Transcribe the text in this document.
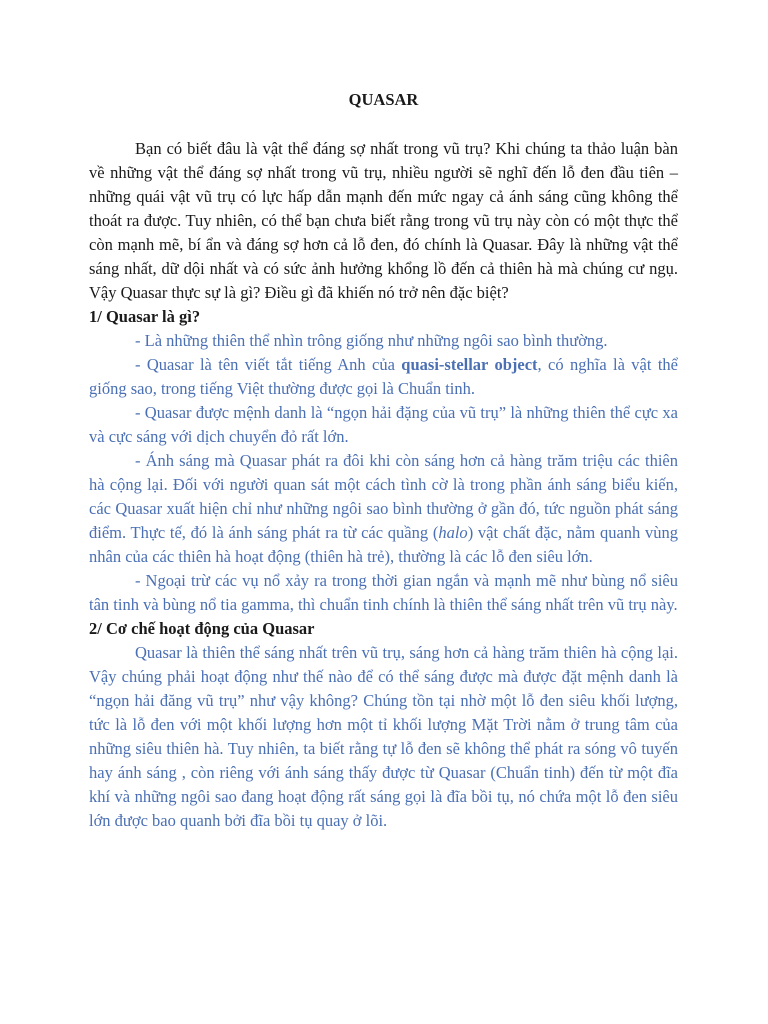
QUASAR

Bạn có biết đâu là vật thể đáng sợ nhất trong vũ trụ? Khi chúng ta thảo luận bàn về những vật thể đáng sợ nhất trong vũ trụ, nhiều người sẽ nghĩ đến lỗ đen đầu tiên – những quái vật vũ trụ có lực hấp dẫn mạnh đến mức ngay cả ánh sáng cũng không thể thoát ra được. Tuy nhiên, có thể bạn chưa biết rằng trong vũ trụ này còn có một thực thể còn mạnh mẽ, bí ẩn và đáng sợ hơn cả lỗ đen, đó chính là Quasar. Đây là những vật thể sáng nhất, dữ dội nhất và có sức ảnh hưởng khổng lồ đến cả thiên hà mà chúng cư ngụ. Vậy Quasar thực sự là gì? Điều gì đã khiến nó trở nên đặc biệt?

1/ Quasar là gì?

- Là những thiên thể nhìn trông giống như những ngôi sao bình thường.

- Quasar là tên viết tắt tiếng Anh của quasi-stellar object, có nghĩa là vật thể giống sao, trong tiếng Việt thường được gọi là Chuẩn tinh.

- Quasar được mệnh danh là “ngọn hải đặng của vũ trụ” là những thiên thể cực xa và cực sáng với dịch chuyển đỏ rất lớn.

- Ánh sáng mà Quasar phát ra đôi khi còn sáng hơn cả hàng trăm triệu các thiên hà cộng lại. Đối với người quan sát một cách tình cờ là trong phần ánh sáng biểu kiến, các Quasar xuất hiện chỉ như những ngôi sao bình thường ở gần đó, tức nguồn phát sáng điểm. Thực tế, đó là ánh sáng phát ra từ các quầng (halo) vật chất đặc, nằm quanh vùng nhân của các thiên hà hoạt động (thiên hà trẻ), thường là các lỗ đen siêu lớn.

- Ngoại trừ các vụ nổ xảy ra trong thời gian ngắn và mạnh mẽ như bùng nổ siêu tân tinh và bùng nổ tia gamma, thì chuẩn tinh chính là thiên thể sáng nhất trên vũ trụ này.

2/ Cơ chế hoạt động của Quasar

Quasar là thiên thể sáng nhất trên vũ trụ, sáng hơn cả hàng trăm thiên hà cộng lại. Vậy chúng phải hoạt động như thế nào để có thể sáng được mà được đặt mệnh danh là “ngọn hải đăng vũ trụ” như vậy không? Chúng tồn tại nhờ một lỗ đen siêu khối lượng, tức là lỗ đen với một khối lượng hơn một tỉ khối lượng Mặt Trời nằm ở trung tâm của những siêu thiên hà. Tuy nhiên, ta biết rằng tự lỗ đen sẽ không thể phát ra sóng vô tuyến hay ánh sáng , còn riêng với ánh sáng thấy được từ Quasar (Chuẩn tinh) đến từ một đĩa khí và những ngôi sao đang hoạt động rất sáng gọi là đĩa bồi tụ, nó chứa một lỗ đen siêu lớn được bao quanh bởi đĩa bồi tụ quay ở lõi.
